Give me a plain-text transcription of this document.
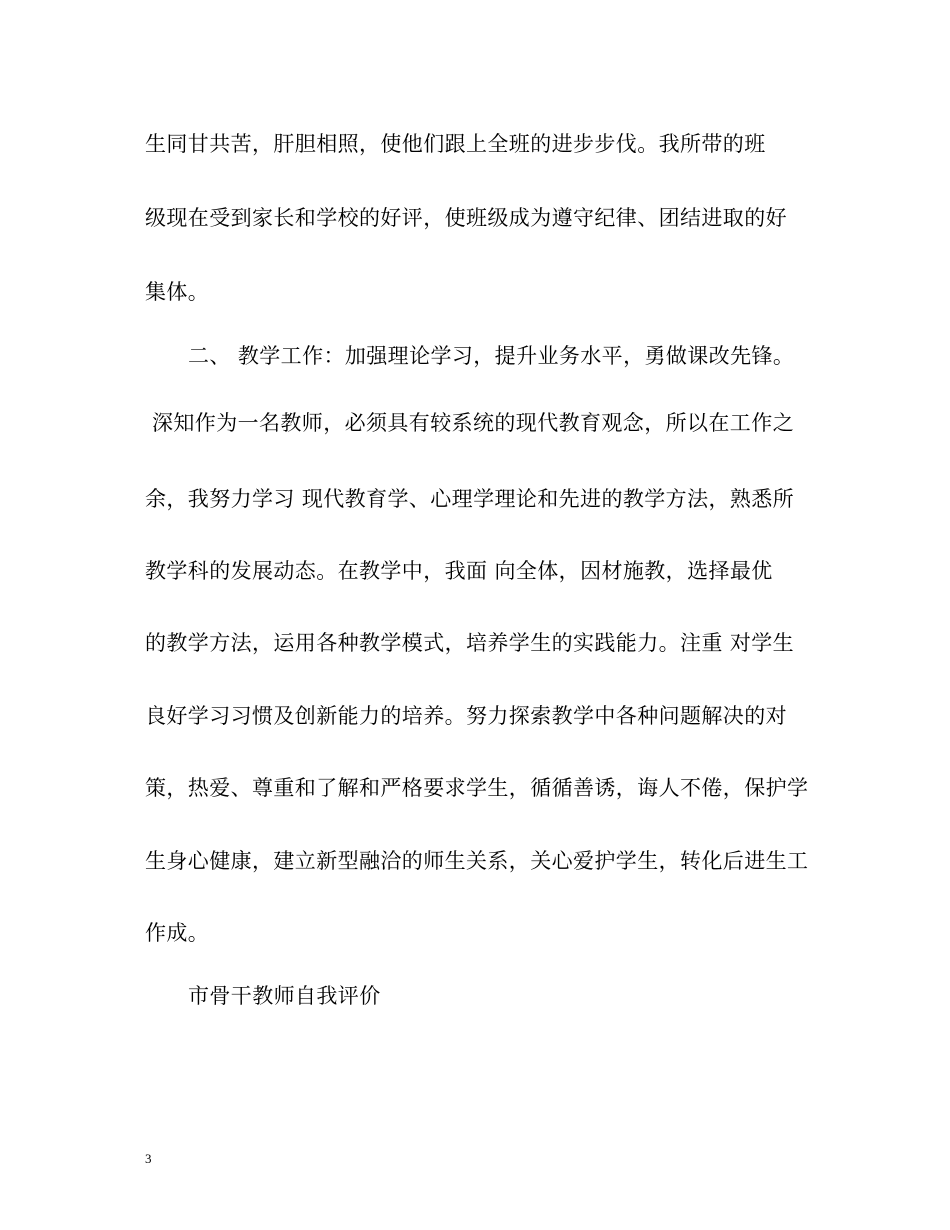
生同甘共苦，肝胆相照，使他们跟上全班的进步步伐。我所带的班
级现在受到家长和学校的好评，使班级成为遵守纪律、团结进取的好
集体。
二、 教学工作：加强理论学习，提升业务水平，勇做课改先锋。
深知作为一名教师，必须具有较系统的现代教育观念，所以在工作之
余，我努力学习 现代教育学、心理学理论和先进的教学方法，熟悉所
教学科的发展动态。在教学中，我面 向全体，因材施教，选择最优
的教学方法，运用各种教学模式，培养学生的实践能力。注重 对学生
良好学习习惯及创新能力的培养。努力探索教学中各种问题解决的对
策，热爱、尊重和了解和严格要求学生，循循善诱，诲人不倦，保护学
生身心健康，建立新型融洽的师生关系，关心爱护学生，转化后进生工
作成。
市骨干教师自我评价
3
